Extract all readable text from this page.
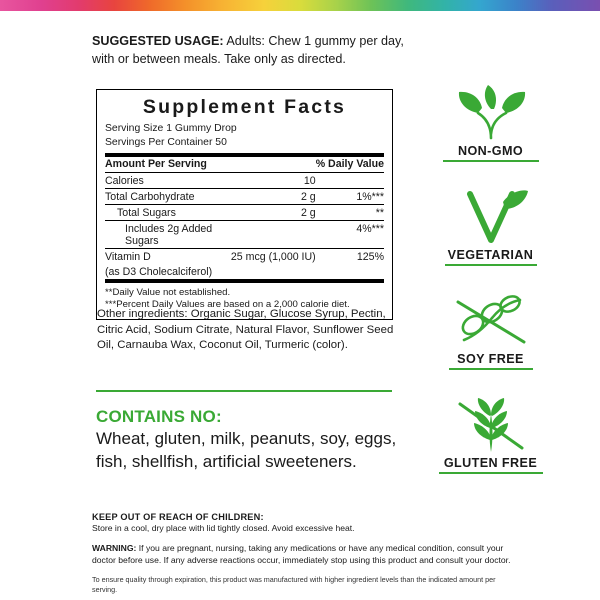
SUGGESTED USAGE: Adults: Chew 1 gummy per day, with or between meals. Take only as directed.
Supplement Facts
Serving Size 1 Gummy Drop
Servings Per Container 50
Amount Per Serving		% Daily Value
Calories	10	
Total Carbohydrate	2 g	1%***
Total Sugars	2 g	**
Includes 2g Added Sugars		4%***
Vitamin D	25 mcg (1,000 IU)	125%
(as D3 Cholecalciferol)		
**Daily Value not established.
***Percent Daily Values are based on a 2,000 calorie diet.
Other ingredients: Organic Sugar, Glucose Syrup, Pectin, Citric Acid, Sodium Citrate, Natural Flavor, Sunflower Seed Oil, Carnauba Wax, Coconut Oil, Turmeric (color).
CONTAINS NO:
Wheat, gluten, milk, peanuts, soy, eggs, fish, shellfish, artificial sweeteners.
KEEP OUT OF REACH OF CHILDREN:
Store in a cool, dry place with lid tightly closed. Avoid excessive heat.
WARNING: If you are pregnant, nursing, taking any medications or have any medical condition, consult your doctor before use. If any adverse reactions occur, immediately stop using this product and consult your doctor.
To ensure quality through expiration, this product was manufactured with higher ingredient levels than the indicated amount per serving.
NON-GMO
VEGETARIAN
SOY FREE
GLUTEN FREE
